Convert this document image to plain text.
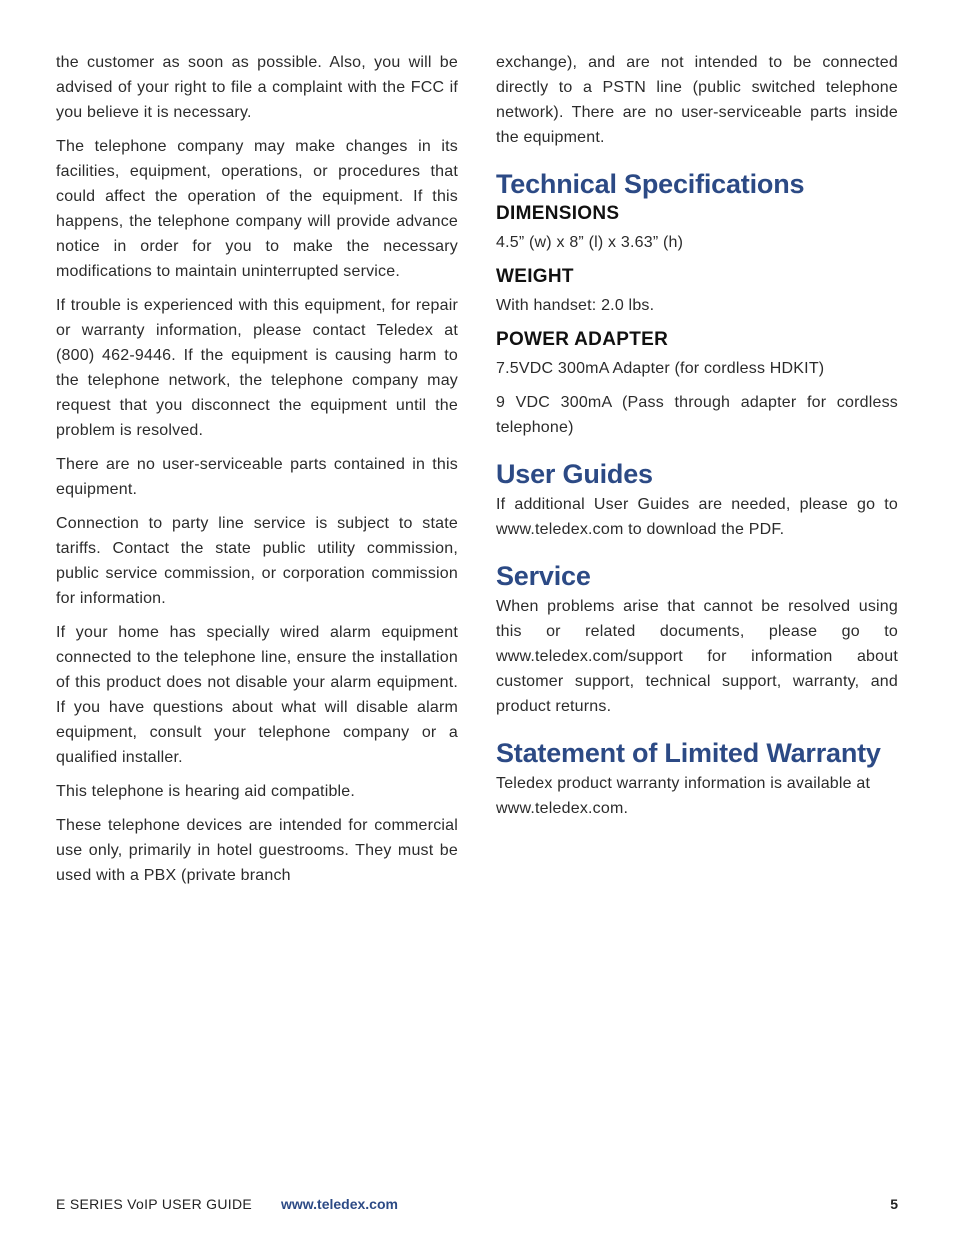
the customer as soon as possible. Also, you will be advised of your right to file a complaint with the FCC if you believe it is necessary.

The telephone company may make changes in its facilities, equipment, operations, or procedures that could affect the operation of the equipment. If this happens, the telephone company will provide advance notice in order for you to make the necessary modifications to maintain uninterrupted service.

If trouble is experienced with this equipment, for repair or warranty information, please contact Teledex at (800) 462-9446. If the equipment is causing harm to the telephone network, the telephone company may request that you disconnect the equipment until the problem is resolved.

There are no user-serviceable parts contained in this equipment.

Connection to party line service is subject to state tariffs. Contact the state public utility commission, public service commission, or corporation commission for information.

If your home has specially wired alarm equipment connected to the telephone line, ensure the installation of this product does not disable your alarm equipment. If you have questions about what will disable alarm equipment, consult your telephone company or a qualified installer.

This telephone is hearing aid compatible.

These telephone devices are intended for commercial use only, primarily in hotel guestrooms. They must be used with a PBX (private branch

exchange), and are not intended to be connected directly to a PSTN line (public switched telephone network). There are no user-serviceable parts inside the equipment.

Technical Specifications
DIMENSIONS

4.5” (w) x 8” (l) x 3.63” (h)

WEIGHT

With handset: 2.0 lbs.

POWER ADAPTER

7.5VDC 300mA Adapter (for cordless HDKIT)

9 VDC 300mA (Pass through adapter for cordless telephone)

User Guides

If additional User Guides are needed, please go to www.teledex.com to download the PDF.

Service

When problems arise that cannot be resolved using this or related documents, please go to www.teledex.com/support for information about customer support, technical support, warranty, and product returns.

Statement of Limited Warranty

Teledex product warranty information is available at www.teledex.com.

E SERIES VoIP USER GUIDE www.teledex.com	5
